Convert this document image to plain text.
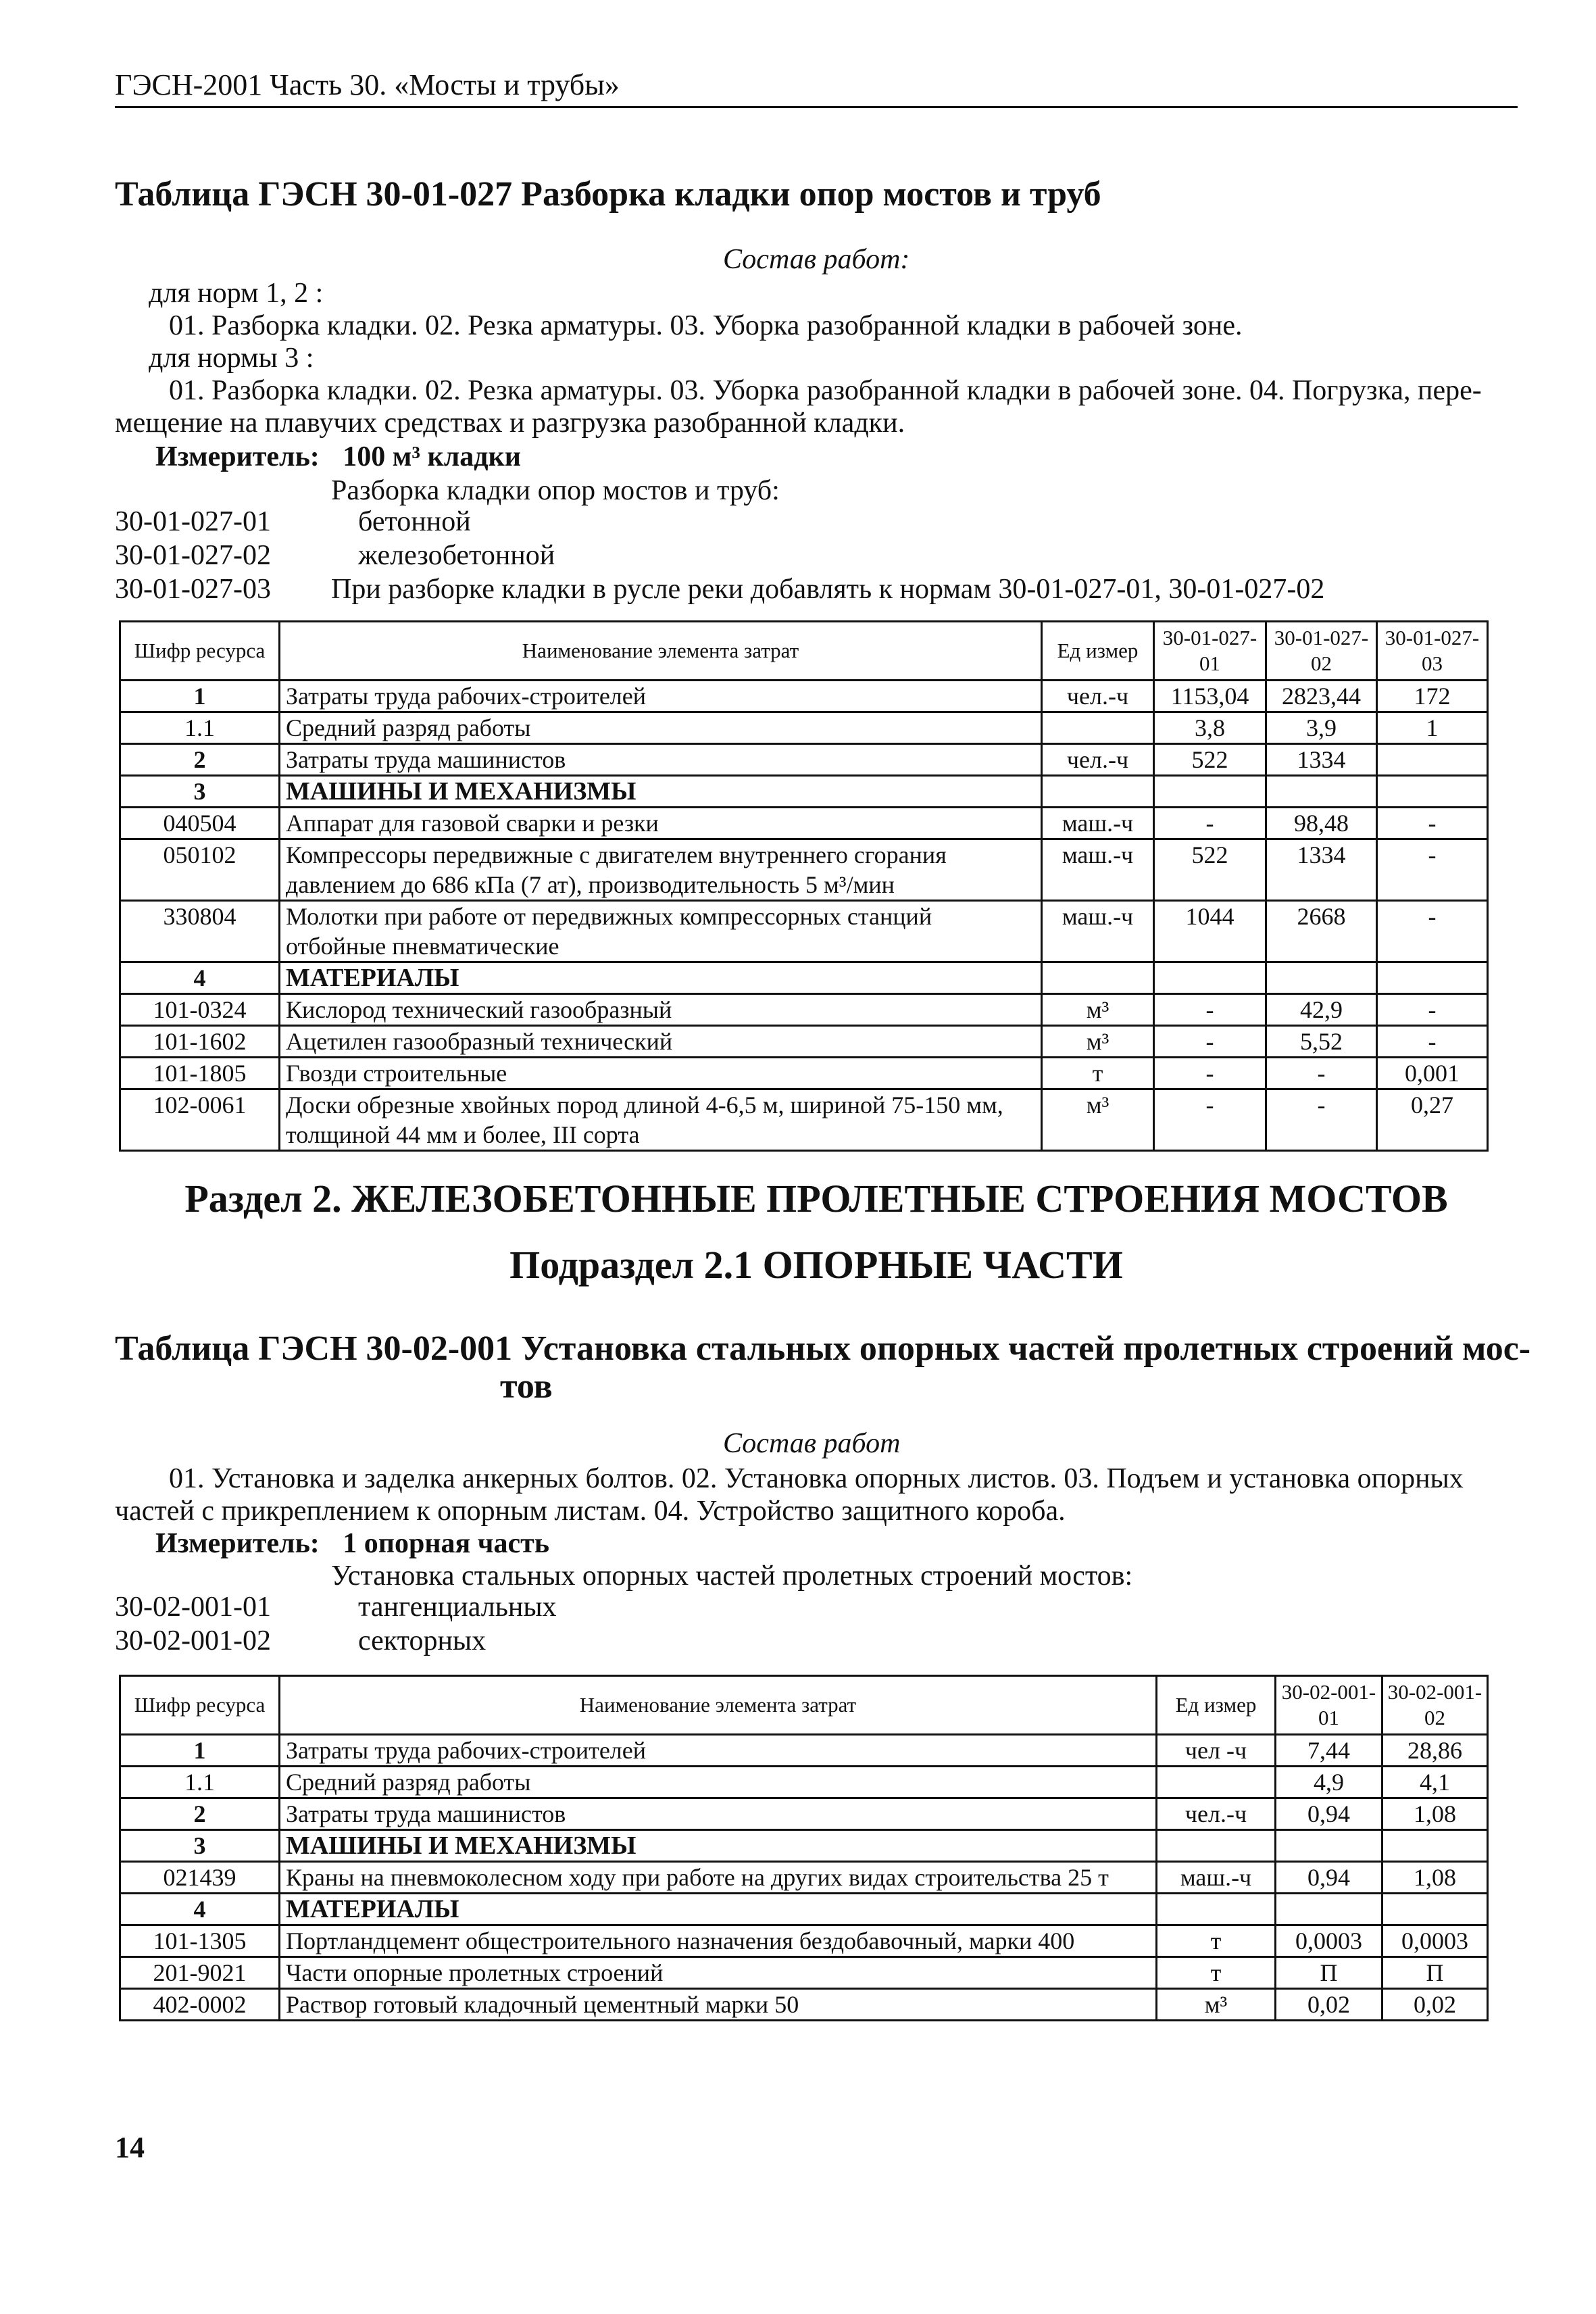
ГЭСН-2001 Часть 30. «Мосты и трубы»
Таблица ГЭСН 30-01-027 Разборка кладки опор мостов и труб
Состав работ:
для норм 1, 2 :
01. Разборка кладки. 02. Резка арматуры. 03. Уборка разобранной кладки в рабочей зоне.
для нормы 3 :
01. Разборка кладки. 02. Резка арматуры. 03. Уборка разобранной кладки в рабочей зоне. 04. Погрузка, пере-
мещение на плавучих средствах и разгрузка разобранной кладки.
Измеритель: 100 м³ кладки
Разборка кладки опор мостов и труб:
30-01-027-01	бетонной
30-01-027-02	железобетонной
30-01-027-03 При разборке кладки в русле реки добавлять к нормам 30-01-027-01, 30-01-027-02
Шифр ресурса	Наименование элемента затрат	Ед измер	30-01-027-01	30-01-027-02	30-01-027-03
1	Затраты труда рабочих-строителей	чел.-ч	1153,04	2823,44	172
1.1	Средний разряд работы		3,8	3,9	1
2	Затраты труда машинистов	чел.-ч	522	1334	
3	МАШИНЫ И МЕХАНИЗМЫ				
040504	Аппарат для газовой сварки и резки	маш.-ч	-	98,48	-
050102	Компрессоры передвижные с двигателем внутреннего сгорания давлением до 686 кПа (7 ат), производительность 5 м³/мин	маш.-ч	522	1334	-
330804	Молотки при работе от передвижных компрессорных станций отбойные пневматические	маш.-ч	1044	2668	-
4	МАТЕРИАЛЫ				
101-0324	Кислород технический газообразный	м³	-	42,9	-
101-1602	Ацетилен газообразный технический	м³	-	5,52	-
101-1805	Гвозди строительные	т	-	-	0,001
102-0061	Доски обрезные хвойных пород длиной 4-6,5 м, шириной 75-150 мм, толщиной 44 мм и более, III сорта	м³	-	-	0,27
Раздел 2. ЖЕЛЕЗОБЕТОННЫЕ ПРОЛЕТНЫЕ СТРОЕНИЯ МОСТОВ
Подраздел 2.1 ОПОРНЫЕ ЧАСТИ
Таблица ГЭСН 30-02-001 Установка стальных опорных частей пролетных строений мос-
тов
Состав работ
01. Установка и заделка анкерных болтов. 02. Установка опорных листов. 03. Подъем и установка опорных
частей с прикреплением к опорным листам. 04. Устройство защитного короба.
Измеритель: 1 опорная часть
Установка стальных опорных частей пролетных строений мостов:
30-02-001-01	тангенциальных
30-02-001-02	секторных
Шифр ресурса	Наименование элемента затрат	Ед измер	30-02-001-01	30-02-001-02
1	Затраты труда рабочих-строителей	чел -ч	7,44	28,86
1.1	Средний разряд работы		4,9	4,1
2	Затраты труда машинистов	чел.-ч	0,94	1,08
3	МАШИНЫ И МЕХАНИЗМЫ			
021439	Краны на пневмоколесном ходу при работе на других видах строительства 25 т	маш.-ч	0,94	1,08
4	МАТЕРИАЛЫ			
101-1305	Портландцемент общестроительного назначения бездобавочный, марки 400	т	0,0003	0,0003
201-9021	Части опорные пролетных строений	т	П	П
402-0002	Раствор готовый кладочный цементный марки 50	м³	0,02	0,02
14
